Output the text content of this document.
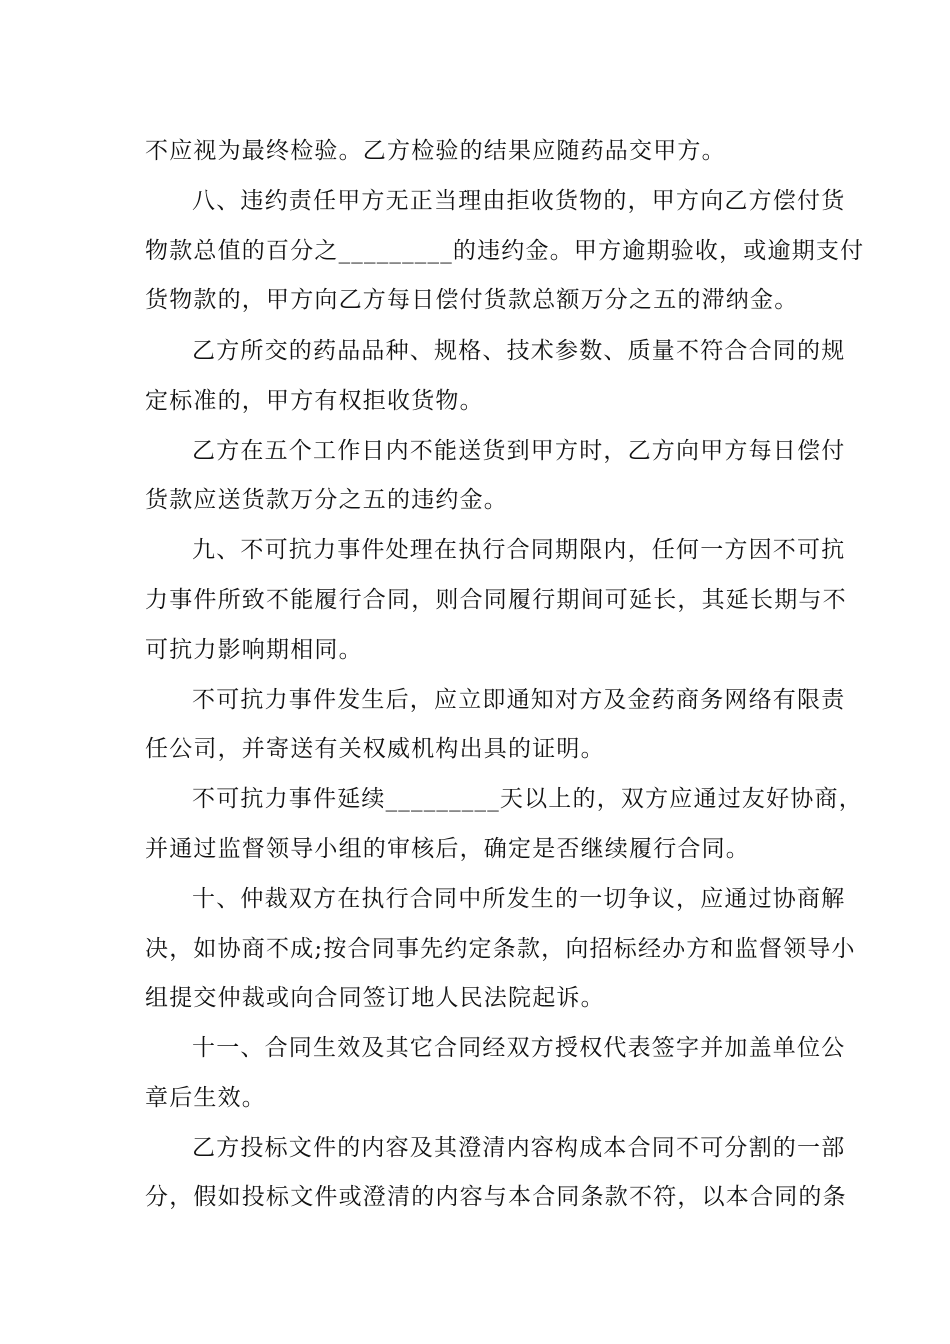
不应视为最终检验。乙方检验的结果应随药品交甲方。
八、违约责任甲方无正当理由拒收货物的，甲方向乙方偿付货
物款总值的百分之_________的违约金。甲方逾期验收，或逾期支付
货物款的，甲方向乙方每日偿付货款总额万分之五的滞纳金。
乙方所交的药品品种、规格、技术参数、质量不符合合同的规
定标准的，甲方有权拒收货物。
乙方在五个工作日内不能送货到甲方时，乙方向甲方每日偿付
货款应送货款万分之五的违约金。
九、不可抗力事件处理在执行合同期限内，任何一方因不可抗
力事件所致不能履行合同，则合同履行期间可延长，其延长期与不
可抗力影响期相同。
不可抗力事件发生后，应立即通知对方及金药商务网络有限责
任公司，并寄送有关权威机构出具的证明。
不可抗力事件延续_________天以上的，双方应通过友好协商，
并通过监督领导小组的审核后，确定是否继续履行合同。
十、仲裁双方在执行合同中所发生的一切争议，应通过协商解
决，如协商不成;按合同事先约定条款，向招标经办方和监督领导小
组提交仲裁或向合同签订地人民法院起诉。
十一、合同生效及其它合同经双方授权代表签字并加盖单位公
章后生效。
乙方投标文件的内容及其澄清内容构成本合同不可分割的一部
分，假如投标文件或澄清的内容与本合同条款不符，以本合同的条
